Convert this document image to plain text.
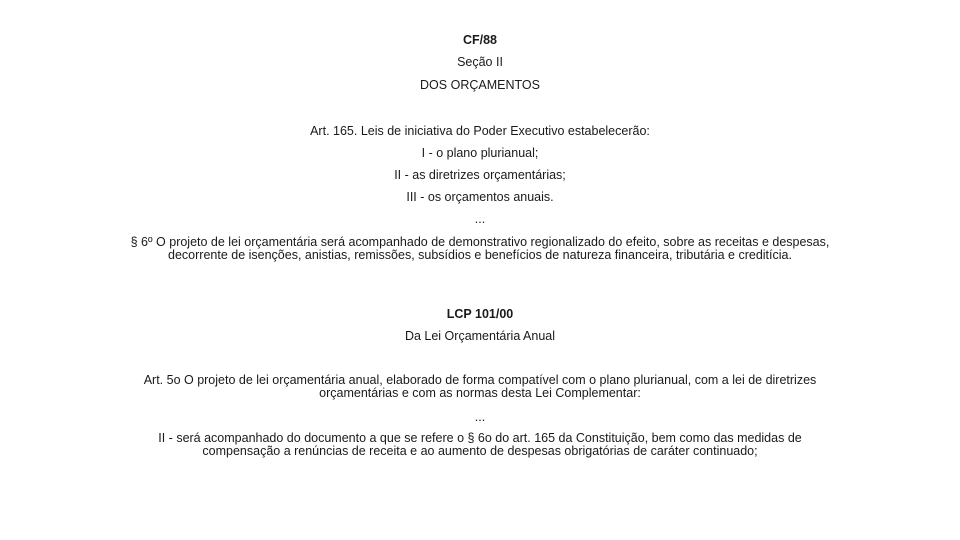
CF/88
Seção II
DOS ORÇAMENTOS
Art. 165. Leis de iniciativa do Poder Executivo estabelecerão:
I - o plano plurianual;
II - as diretrizes orçamentárias;
III - os orçamentos anuais.
...
§ 6º O projeto de lei orçamentária será acompanhado de demonstrativo regionalizado do efeito, sobre as receitas e despesas, decorrente de isenções, anistias, remissões, subsídios e benefícios de natureza financeira, tributária e creditícia.
LCP 101/00
Da Lei Orçamentária Anual
Art. 5o O projeto de lei orçamentária anual, elaborado de forma compatível com o plano plurianual, com a lei de diretrizes orçamentárias e com as normas desta Lei Complementar:
...
II - será acompanhado do documento a que se refere o § 6o do art. 165 da Constituição, bem como das medidas de compensação a renúncias de receita e ao aumento de despesas obrigatórias de caráter continuado;
